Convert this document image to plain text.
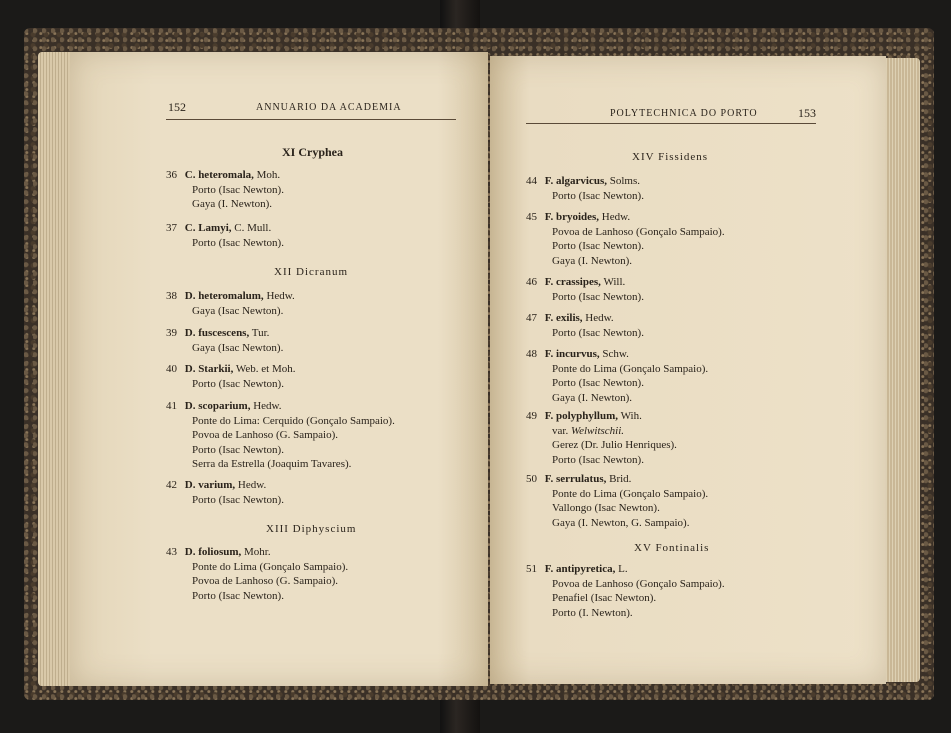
152	ANNUARIO DA ACADEMIA
XI Cryphea
36 C. heteromala, Moh.
Porto (Isac Newton).
Gaya (I. Newton).
37 C. Lamyi, C. Mull.
Porto (Isac Newton).
XII Dicranum
38 D. heteromalum, Hedw.
Gaya (Isac Newton).
39 D. fuscescens, Tur.
Gaya (Isac Newton).
40 D. Starkii, Web. et Moh.
Porto (Isac Newton).
41 D. scoparium, Hedw.
Ponte do Lima: Cerquido (Gonçalo Sampaio).
Povoa de Lanhoso (G. Sampaio).
Porto (Isac Newton).
Serra da Estrella (Joaquim Tavares).
42 D. varium, Hedw.
Porto (Isac Newton).
XIII Diphyscium
43 D. foliosum, Mohr.
Ponte do Lima (Gonçalo Sampaio).
Povoa de Lanhoso (G. Sampaio).
Porto (Isac Newton).
POLYTECHNICA DO PORTO	153
XIV Fissidens
44 F. algarvicus, Solms.
Porto (Isac Newton).
45 F. bryoides, Hedw.
Povoa de Lanhoso (Gonçalo Sampaio).
Porto (Isac Newton).
Gaya (I. Newton).
46 F. crassipes, Will.
Porto (Isac Newton).
47 F. exilis, Hedw.
Porto (Isac Newton).
48 F. incurvus, Schw.
Ponte do Lima (Gonçalo Sampaio).
Porto (Isac Newton).
Gaya (I. Newton).
49 F. polyphyllum, Wih.
var. Welwitschii.
Gerez (Dr. Julio Henriques).
Porto (Isac Newton).
50 F. serrulatus, Brid.
Ponte do Lima (Gonçalo Sampaio).
Vallongo (Isac Newton).
Gaya (I. Newton, G. Sampaio).
XV Fontinalis
51 F. antipyretica, L.
Povoa de Lanhoso (Gonçalo Sampaio).
Penafiel (Isac Newton).
Porto (I. Newton).
